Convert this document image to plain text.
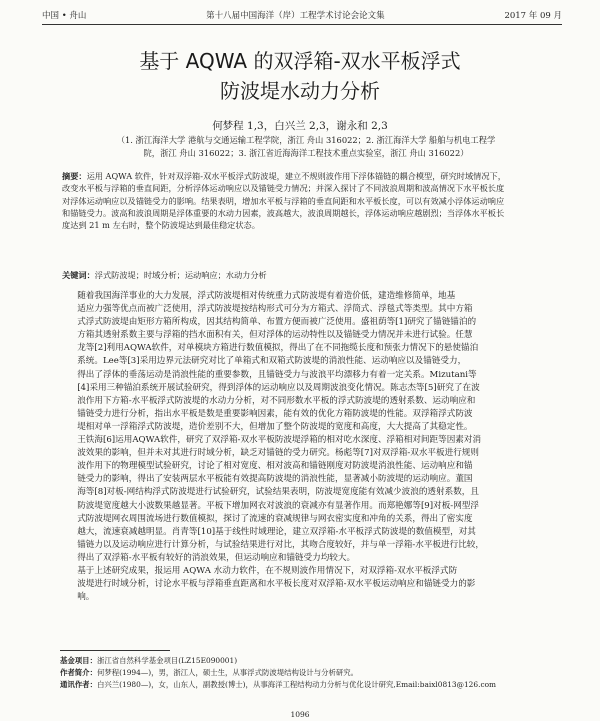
中国 • 舟山	第十八届中国海洋（岸）工程学术讨论会论文集	2017 年 09 月
基于 AQWA 的双浮箱-双水平板浮式
防波堤水动力分析
何梦程 1,3，白兴兰 2,3，谢永和 2,3
（1. 浙江海洋大学 港航与交通运输工程学院，浙江 舟山 316022；2. 浙江海洋大学 船舶与机电工程学
院，浙江 舟山 316022；3. 浙江省近海海洋工程技术重点实验室，浙江 舟山 316022）
摘要：运用 AQWA 软件，针对双浮箱-双水平板浮式防波堤，建立不规则波作用下浮体锚链的耦合模型，研究时域情况下，
改变水平板与浮箱的垂直间距，分析浮体运动响应以及锚链受力情况；并深入探讨了不同波浪周期和波高情况下水平板长度
对浮体运动响应以及锚链受力的影响。结果表明，增加水平板与浮箱的垂直间距和水平板长度，可以有效减小浮体运动响应
和锚链受力。波高和波浪周期是浮体重要的水动力因素，波高越大，波浪周期越长，浮体运动响应越剧烈；当浮体水平板长
度达到 21 m 左右时，整个防波堤达到最佳稳定状态。
关键词：浮式防波堤；时域分析；运动响应；水动力分析

随着我国海洋事业的大力发展，浮式防波堤相对传统重力式防波堤有着造价低，建造维修简单，地基
适应力强等优点而被广泛使用，浮式防波堤按结构形式可分为方箱式、浮筒式、浮毯式等类型。其中方箱
式浮式防波堤由矩形方箱所构成，因其结构简单、布置方便而被广泛使用。盛祖荫等[1]研究了锚链锚泊的
方箱其透射系数主要与浮箱的挡水面积有关，但对浮体的运动特性以及锚链受力情况并未进行试验。任慧
龙等[2]利用AQWA软件，对单模块方箱进行数值模拟，得出了在不同拖缆长度和预张力情况下的悬使锚泊
系统。Lee等[3]采用边界元法研究对比了单箱式和双箱式防波堤的消浪性能、运动响应以及锚链受力，
得出了浮体的垂荡运动是消浪性能的重要参数，且锚链受力与波浪平均漂移力有着一定关系。Mizutani等
[4]采用三种锚泊系统开展试验研究，得到浮体的运动响应以及周期波浪变化情况。陈志杰等[5]研究了在波
浪作用下方箱-水平板浮式防波堤的水动力分析，对不同形数水平板的浮式防波堤的透射系数、运动响应和
锚链受力进行分析，指出水平板是数是重要影响因素，能有效的优化方箱防波堤的性能。双浮箱浮式防波
堤相对单一浮箱浮式防波堤，造价差别不大，但增加了整个防波堤的宽度和高度，大大提高了其稳定性。
王铁海[6]运用AQWA软件，研究了双浮箱-双水平板防波堤浮箱的相对吃水深度、浮箱相对间距等因素对消
波效果的影响，但并未对其进行时域分析，缺乏对锚链的受力研究。杨彪等[7]对双浮箱-双水平板进行规则
波作用下的物理模型试验研究，讨论了相对宽度、相对波高和锚链刚度对防波堤消浪性能、运动响应和锚
链受力的影响，得出了安装两层水平板能有效提高防波堤的消浪性能，显著减小防波堤的运动响应。董国
海等[8]对板-网结构浮式防波堤进行试验研究，试验结果表明，防波堤宽度能有效减少波浪的透射系数，且
防波堤宽度越大小波数果越显著。平板下增加网衣对波浪的衰减亦有显著作用。而郑艳娜等[9]对板-网型浮
式防波堤网衣周围流场进行数值模拟，探讨了流速的衰减规律与网衣密实度和冲角的关系，得出了密实度
越大，流速衰减越明显。肖青等[10]基于线性时域理论，建立双浮箱-水平板浮式防波堤的数值模型，对其
锚链力以及运动响应进行计算分析，与试验结果进行对比，其吻合度较好，并与单一浮箱-水平板进行比较，
得出了双浮箱-水平板有较好的消浪效果，但运动响应和锚链受力均较大。

基于上述研究成果，报运用 AQWA 水动力软件，在不规则波作用情况下，对双浮箱-双水平板浮式防
波堤进行时域分析，讨论水平板与浮箱垂直距离和水平板长度对双浮箱-双水平板运动响应和锚链受力的影
响。

基金项目：浙江省自然科学基金项目(LZ15E090001)
作者简介：何梦程(1994—)，男，浙江人，硕士生，从事浮式防波堤结构设计与分析研究。
通讯作者：白兴兰(1980—)，女，山东人，副教授(博士)，从事海洋工程结构动力分析与优化设计研究,Email:baixl0813@126.com
1096
